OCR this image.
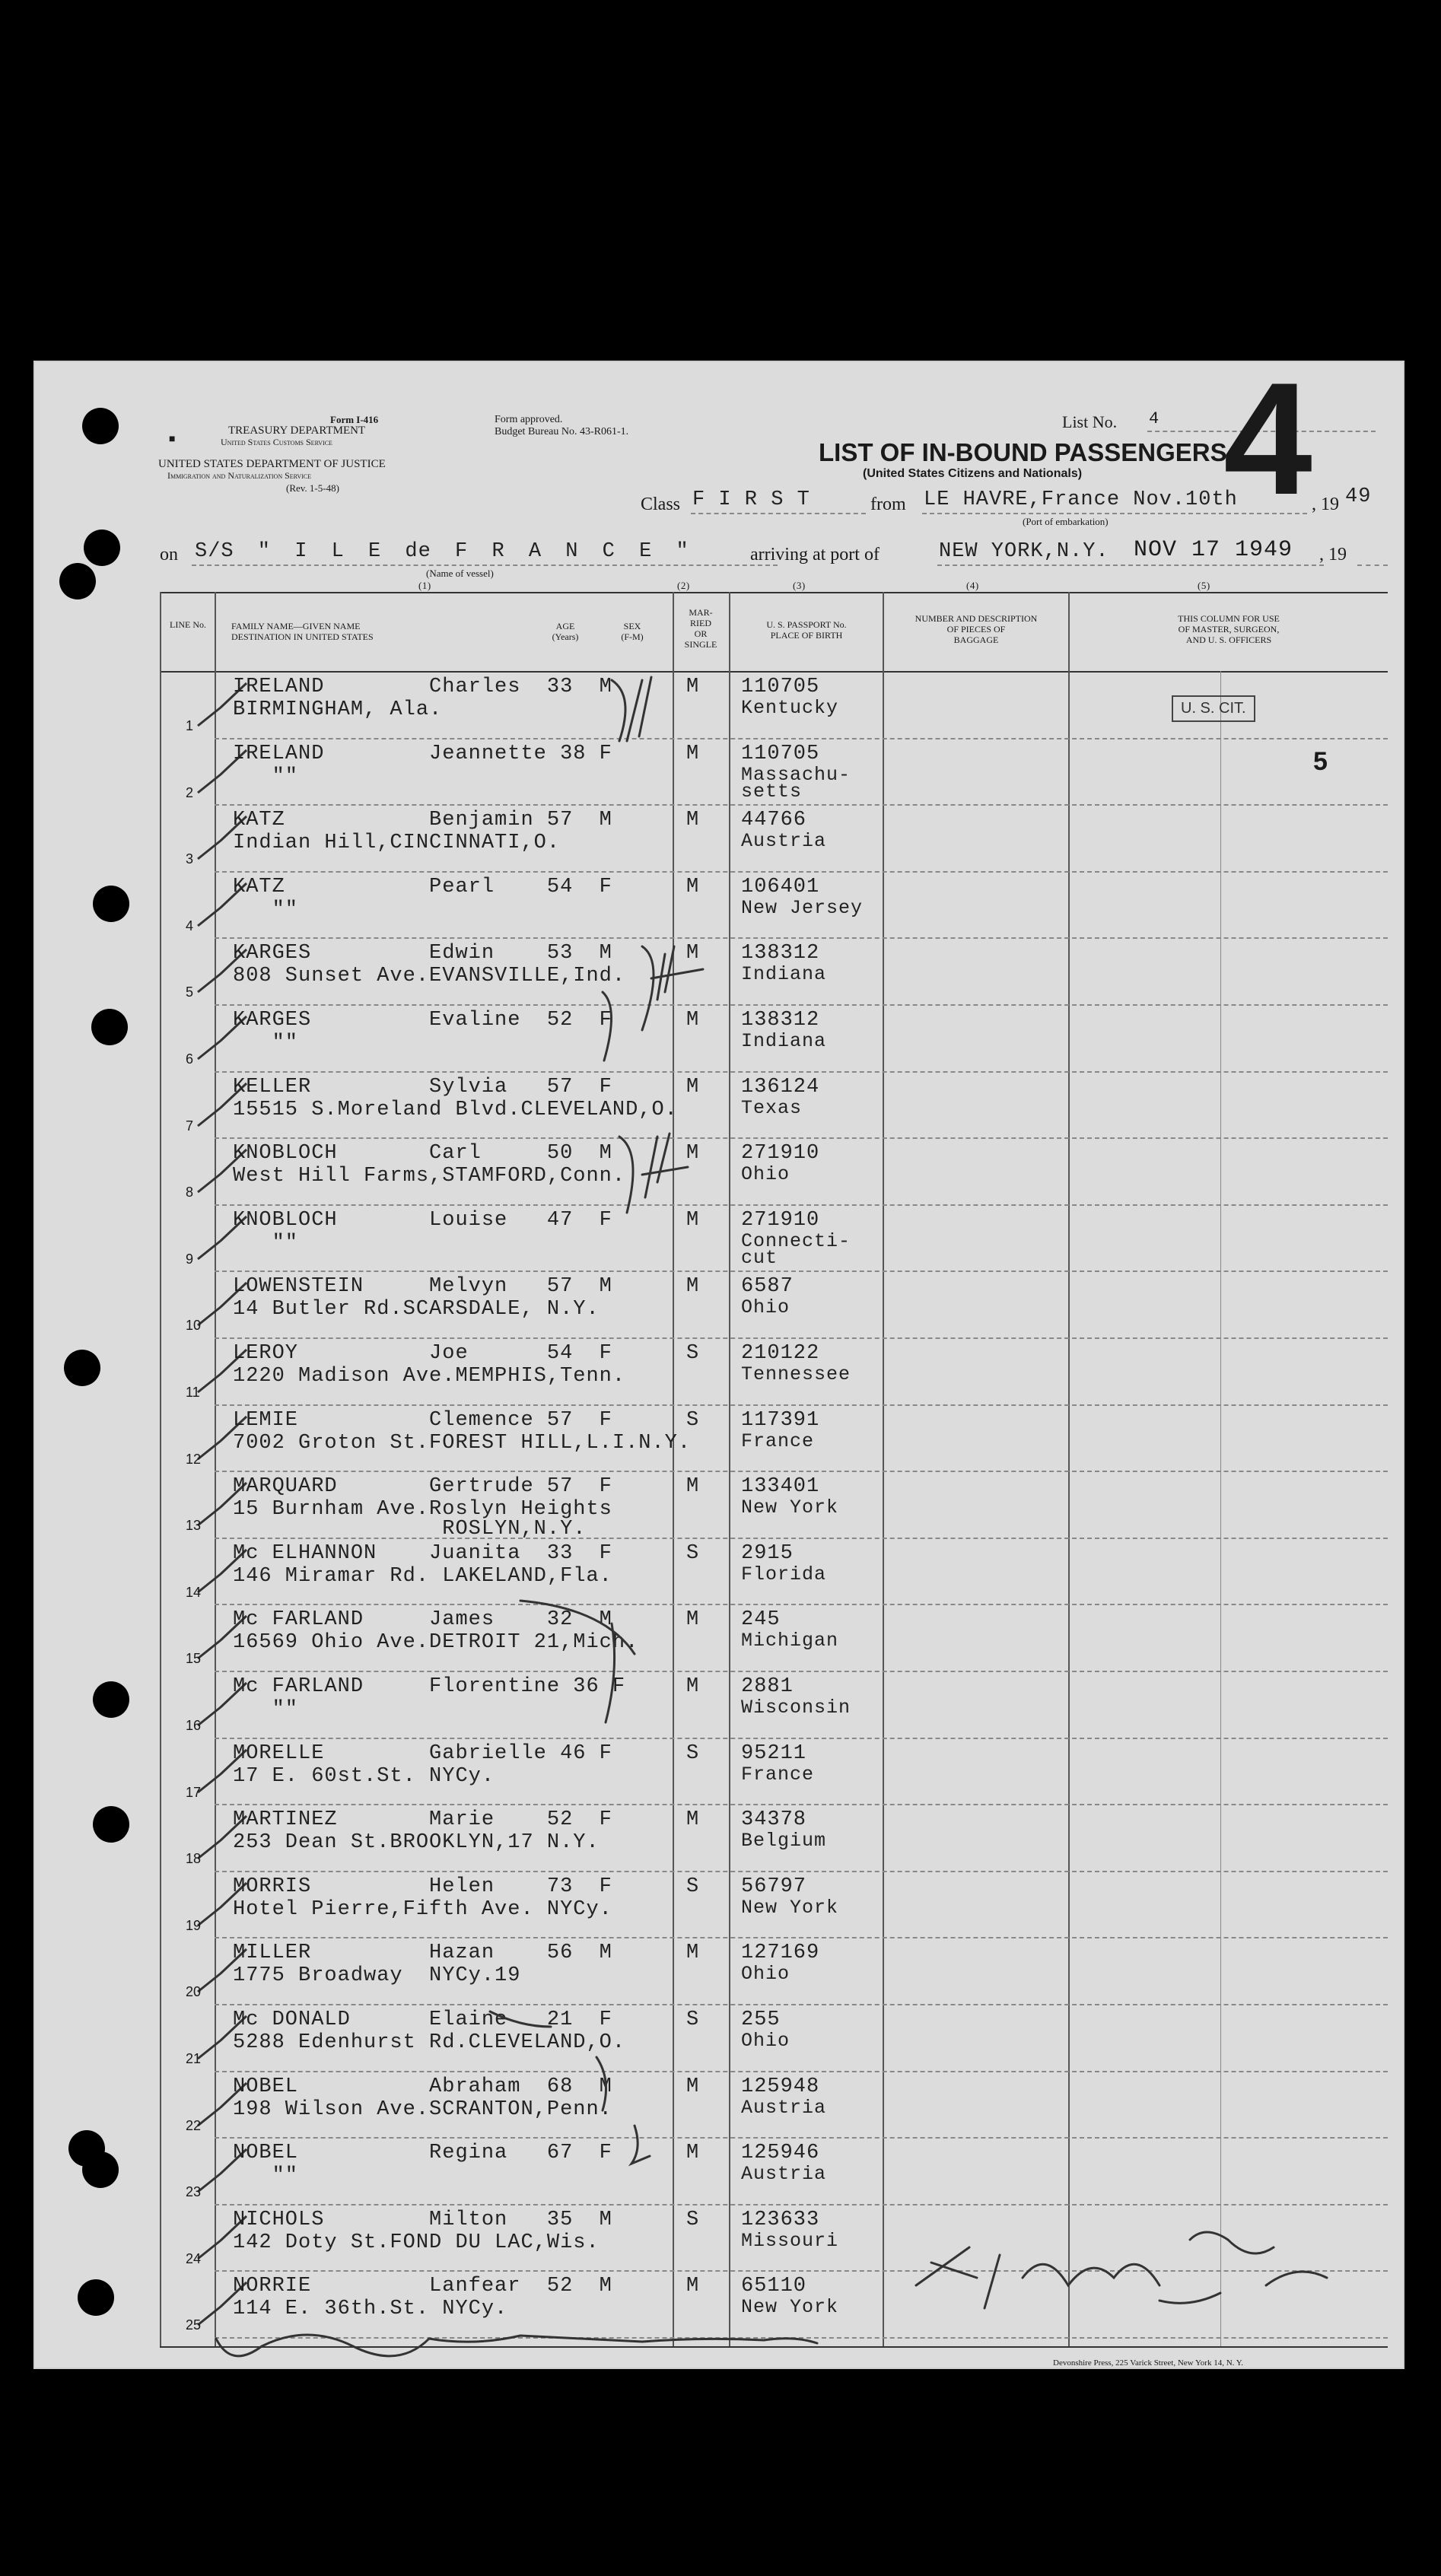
Form I-416
TREASURY DEPARTMENT
United States Customs Service
UNITED STATES DEPARTMENT OF JUSTICE
Immigration and Naturalization Service
(Rev. 1-5-48)
■
Form approved.
Budget Bureau No. 43-R061-1.
List No. 4 4
LIST OF IN-BOUND PASSENGERS
(United States Citizens and Nationals)
Class F I R S T	from LE HAVRE,France Nov.10th
(Port of embarkation)
, 19 49
on S/S " I L E de F R A N C E "
(Name of vessel)
arriving at port of	NEW YORK,N.Y. NOV 17 1949 , 19
(1)	(2)	(3)	(4)	(5)
LINE No.	FAMILY NAME—GIVEN NAME
DESTINATION IN UNITED STATES
AGE
(Years)
SEX
(F-M)
MAR-
RIED
OR
SINGLE
U. S. PASSPORT No.
PLACE OF BIRTH
NUMBER AND DESCRIPTION
OF PIECES OF
BAGGAGE
THIS COLUMN FOR USE
OF MASTER, SURGEON,
AND U. S. OFFICERS
1
IRELAND        Charles  33  M
BIRMINGHAM, Ala.
M 110705
Kentucky
2
IRELAND        Jeannette 38 F
""
M 110705
Massachu-
setts
3
KATZ           Benjamin 57  M
Indian Hill,CINCINNATI,O.
M 44766
Austria
4
KATZ           Pearl    54  F
""
M 106401
New Jersey
5
KARGES         Edwin    53  M
808 Sunset Ave.EVANSVILLE,Ind.
M 138312
Indiana
6
KARGES         Evaline  52  F
""
M 138312
Indiana
7
KELLER         Sylvia   57  F
15515 S.Moreland Blvd.CLEVELAND,O.
M 136124
Texas
8
KNOBLOCH       Carl     50  M
West Hill Farms,STAMFORD,Conn.
M 271910
Ohio
9
KNOBLOCH       Louise   47  F
""
M 271910
Connecti-
cut
10
LOWENSTEIN     Melvyn   57  M
14 Butler Rd.SCARSDALE, N.Y.
M 6587
Ohio
11
LEROY          Joe      54  F
1220 Madison Ave.MEMPHIS,Tenn.
S 210122
Tennessee
12
LEMIE          Clemence 57  F
7002 Groton St.FOREST HILL,L.I.N.Y.
S 117391
France
13
MARQUARD       Gertrude 57  F
15 Burnham Ave.Roslyn Heights
ROSLYN,N.Y.
M 133401
New York
14
Mc ELHANNON    Juanita  33  F
146 Miramar Rd. LAKELAND,Fla.
S 2915
Florida
15
Mc FARLAND     James    32  M
16569 Ohio Ave.DETROIT 21,Mich.
M 245
Michigan
16
Mc FARLAND     Florentine 36 F
""
M 2881
Wisconsin
17
MORELLE        Gabrielle 46 F
17 E. 60st.St. NYCy.
S 95211
France
18
MARTINEZ       Marie    52  F
253 Dean St.BROOKLYN,17 N.Y.
M 34378
Belgium
19
MORRIS         Helen    73  F
Hotel Pierre,Fifth Ave. NYCy.
S 56797
New York
20
MILLER         Hazan    56  M
1775 Broadway  NYCy.19
M 127169
Ohio
21
Mc DONALD      Elaine   21  F
5288 Edenhurst Rd.CLEVELAND,O.
S 255
Ohio
22
NOBEL          Abraham  68  M
198 Wilson Ave.SCRANTON,Penn.
M 125948
Austria
23
NOBEL          Regina   67  F
""
M 125946
Austria
24
NICHOLS        Milton   35  M
142 Doty St.FOND DU LAC,Wis.
S 123633
Missouri
25
NORRIE         Lanfear  52  M
114 E. 36th.St. NYCy.
M 65110
New York
U. S. CIT.
5
Devonshire Press, 225 Varick Street, New York 14, N. Y.
